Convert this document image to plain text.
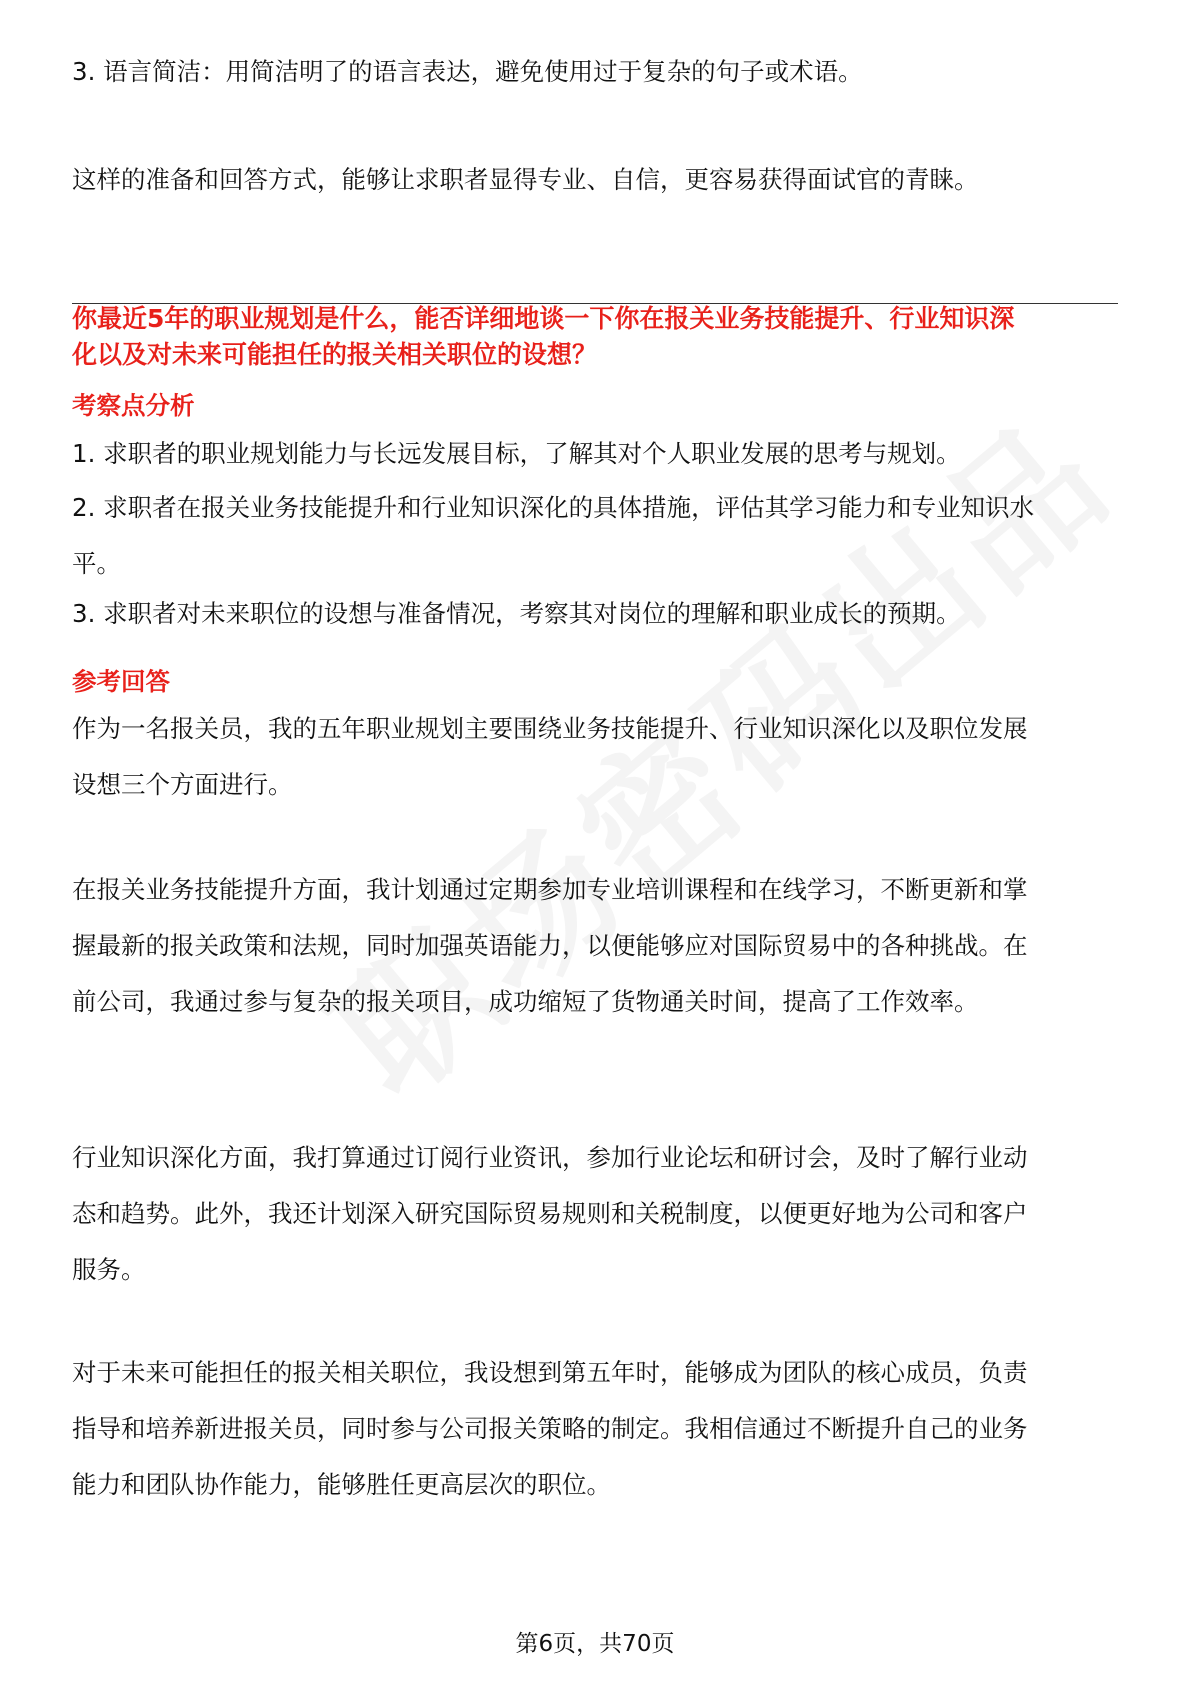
3. 语言简洁：用简洁明了的语言表达，避免使用过于复杂的句子或术语。
这样的准备和回答方式，能够让求职者显得专业、自信，更容易获得面试官的青睐。
你最近5年的职业规划是什么，能否详细地谈一下你在报关业务技能提升、行业知识深化以及对未来可能担任的报关相关职位的设想？
考察点分析
1. 求职者的职业规划能力与长远发展目标，了解其对个人职业发展的思考与规划。
2. 求职者在报关业务技能提升和行业知识深化的具体措施，评估其学习能力和专业知识水平。
3. 求职者对未来职位的设想与准备情况，考察其对岗位的理解和职业成长的预期。
参考回答
作为一名报关员，我的五年职业规划主要围绕业务技能提升、行业知识深化以及职位发展设想三个方面进行。
在报关业务技能提升方面，我计划通过定期参加专业培训课程和在线学习，不断更新和掌握最新的报关政策和法规，同时加强英语能力，以便能够应对国际贸易中的各种挑战。在前公司，我通过参与复杂的报关项目，成功缩短了货物通关时间，提高了工作效率。
行业知识深化方面，我打算通过订阅行业资讯，参加行业论坛和研讨会，及时了解行业动态和趋势。此外，我还计划深入研究国际贸易规则和关税制度，以便更好地为公司和客户服务。
对于未来可能担任的报关相关职位，我设想到第五年时，能够成为团队的核心成员，负责指导和培养新进报关员，同时参与公司报关策略的制定。我相信通过不断提升自己的业务能力和团队协作能力，能够胜任更高层次的职位。
第6页，共70页
